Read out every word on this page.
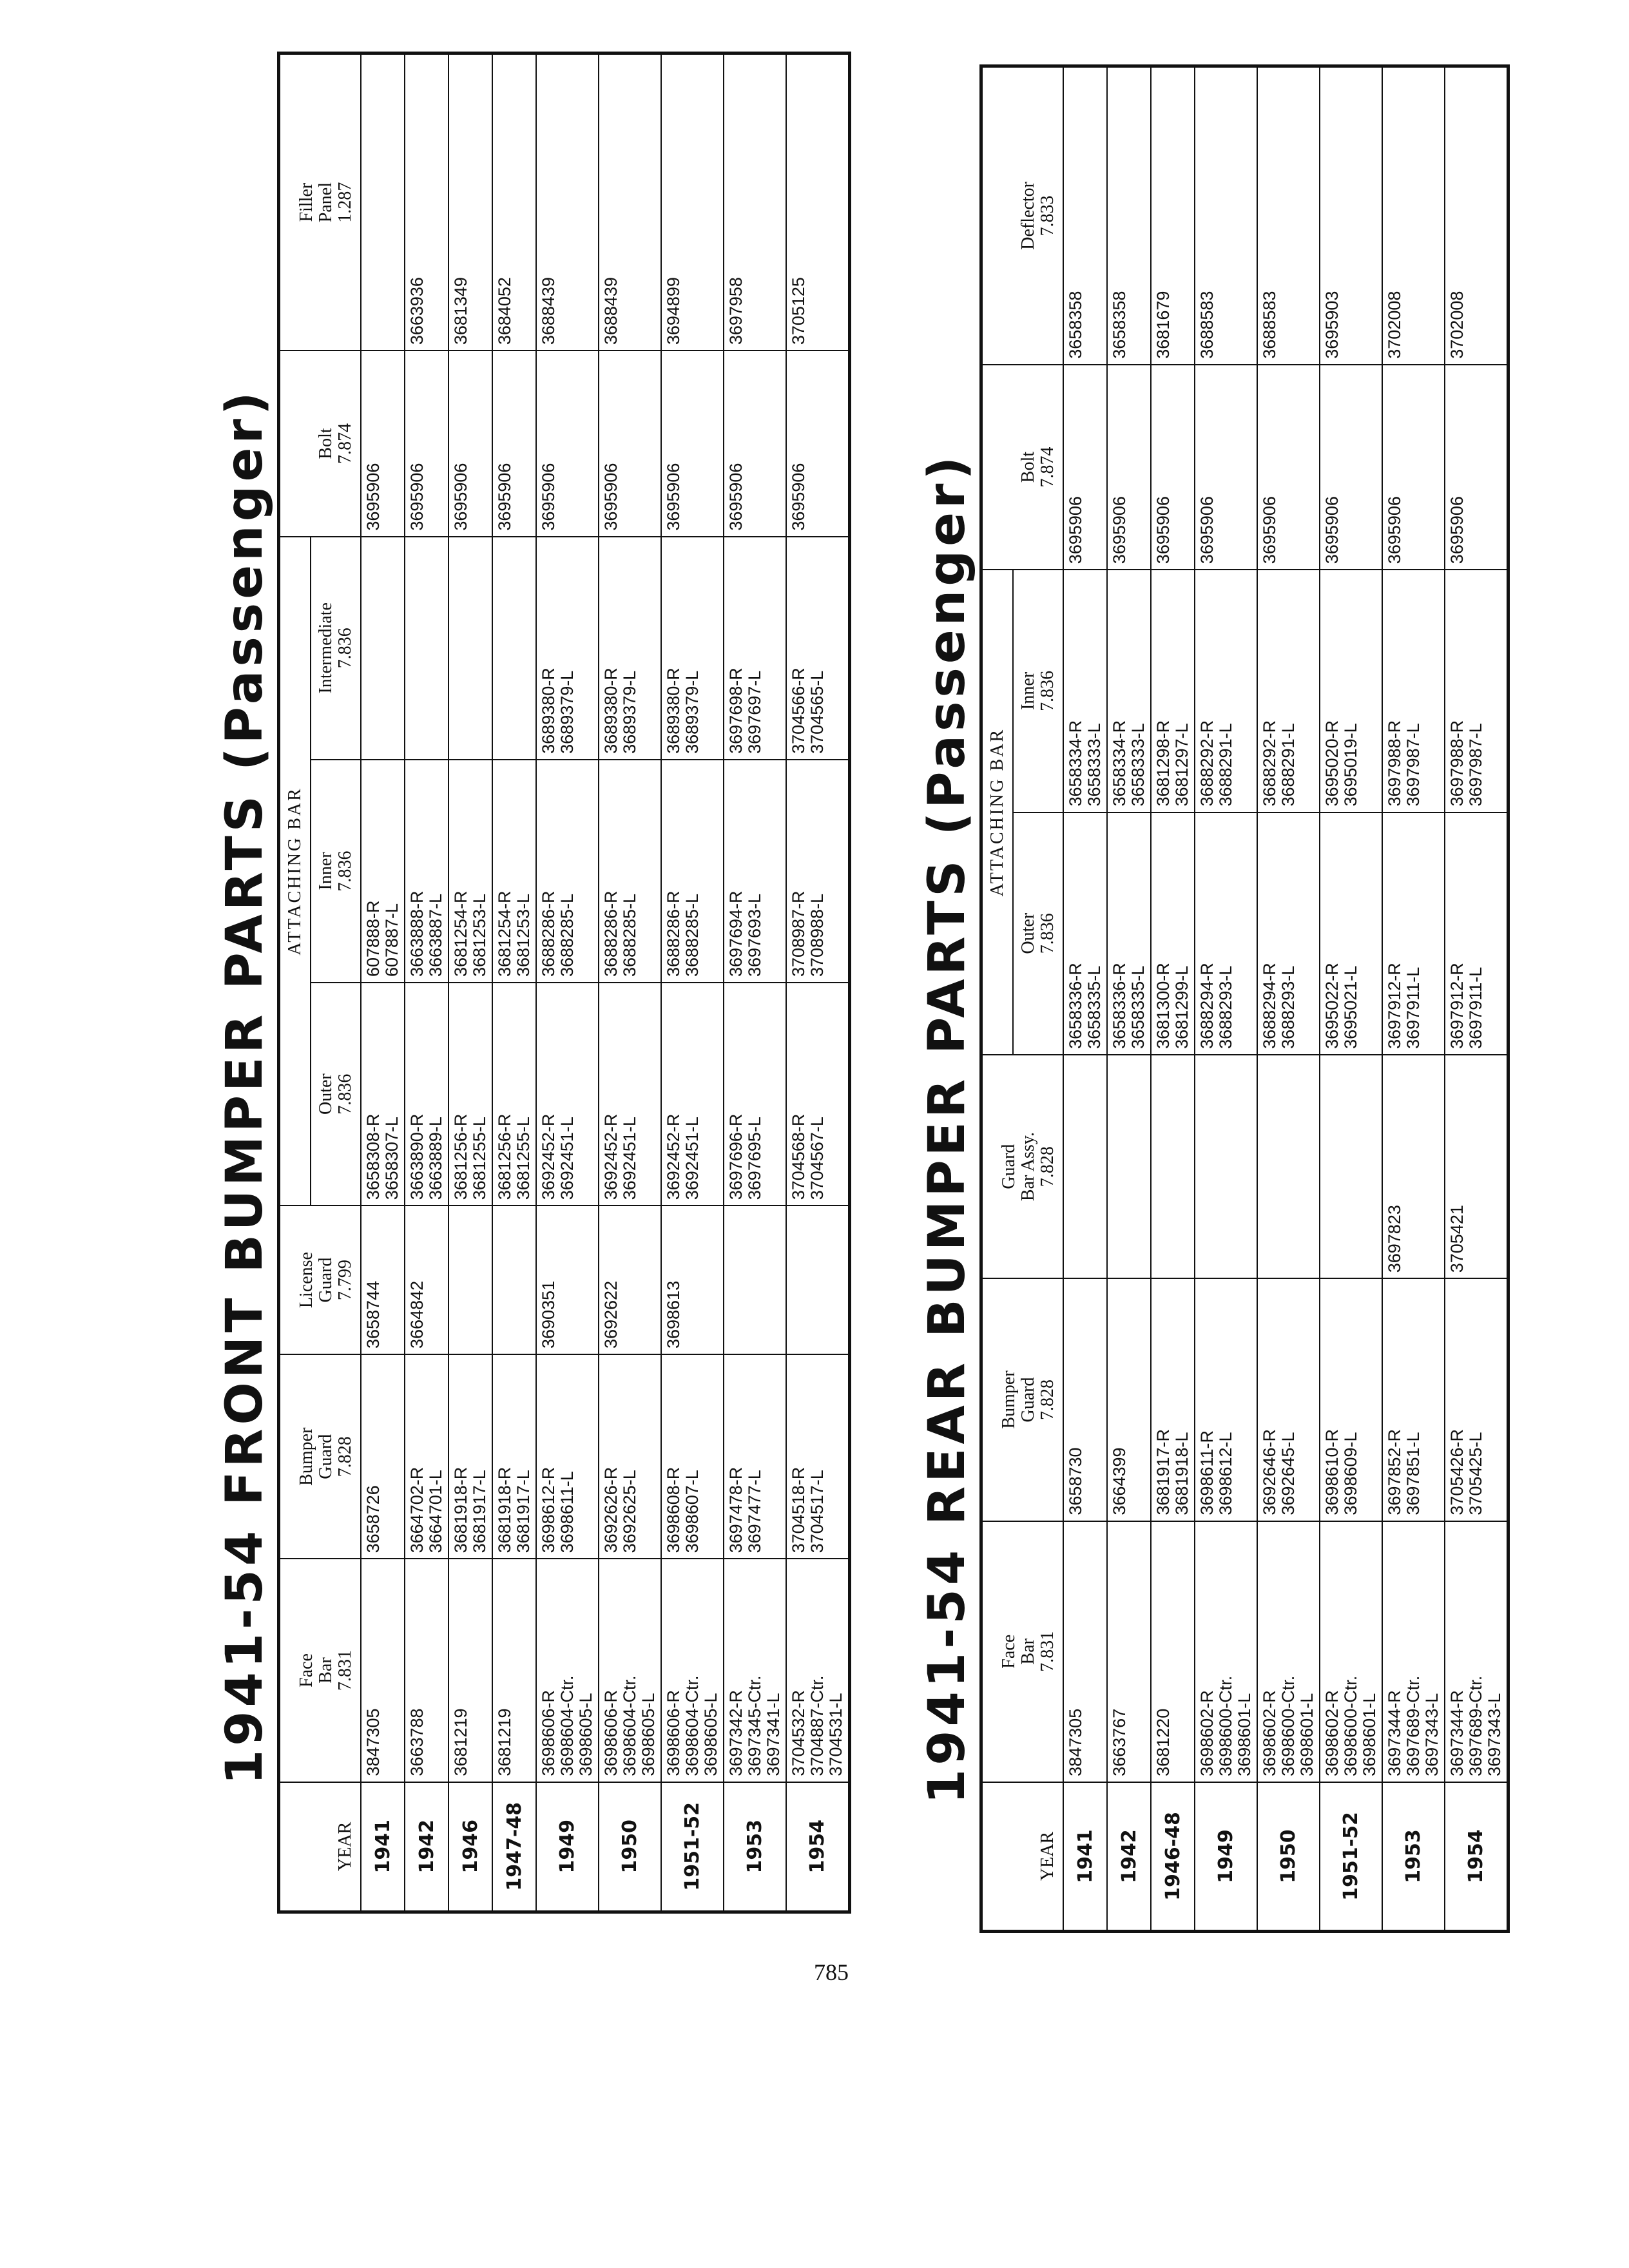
1941-54 FRONT BUMPER PARTS (Passenger)
YEAR	Face Bar 7.831	Bumper Guard 7.828	License Guard 7.799	ATTACHING BAR			Bolt 7.874	Filler Panel 1.287

				Outer 7.836	Inner 7.836	Intermediate 7.836		

1941	3847305	3658726	3658744	3658308-R 3658307-L	607888-R 607887-L		3695906	

1942	3663788	3664702-R 3664701-L	3664842	3663890-R 3663889-L	3663888-R 3663887-L		3695906	3663936

1946	3681219	3681918-R 3681917-L		3681256-R 3681255-L	3681254-R 3681253-L		3695906	3681349

1947-48	3681219	3681918-R 3681917-L		3681256-R 3681255-L	3681254-R 3681253-L		3695906	3684052

1949	3698606-R 3698604-Ctr. 3698605-L	3698612-R 3698611-L	3690351	3692452-R 3692451-L	3688286-R 3688285-L	3689380-R 3689379-L	3695906	3688439

1950	3698606-R 3698604-Ctr. 3698605-L	3692626-R 3692625-L	3692622	3692452-R 3692451-L	3688286-R 3688285-L	3689380-R 3689379-L	3695906	3688439

1951-52	3698606-R 3698604-Ctr. 3698605-L	3698608-R 3698607-L	3698613	3692452-R 3692451-L	3688286-R 3688285-L	3689380-R 3689379-L	3695906	3694899

1953	3697342-R 3697345-Ctr. 3697341-L	3697478-R 3697477-L		3697696-R 3697695-L	3697694-R 3697693-L	3697698-R 3697697-L	3695906	3697958

1954	3704532-R 3704887-Ctr. 3704531-L	3704518-R 3704517-L		3704568-R 3704567-L	3708987-R 3708988-L	3704566-R 3704565-L	3695906	3705125
1941-54 REAR BUMPER PARTS (Passenger)
YEAR	Face Bar 7.831	Bumper Guard 7.828	Guard Bar Assy. 7.828	ATTACHING BAR		Bolt 7.874	Deflector 7.833

				Outer 7.836	Inner 7.836		

1941	3847305	3658730		3658336-R 3658335-L	3658334-R 3658333-L	3695906	3658358

1942	3663767	3664399		3658336-R 3658335-L	3658334-R 3658333-L	3695906	3658358

1946-48	3681220	3681917-R 3681918-L		3681300-R 3681299-L	3681298-R 3681297-L	3695906	3681679

1949	3698602-R 3698600-Ctr. 3698601-L	3698611-R 3698612-L		3688294-R 3688293-L	3688292-R 3688291-L	3695906	3688583

1950	3698602-R 3698600-Ctr. 3698601-L	3692646-R 3692645-L		3688294-R 3688293-L	3688292-R 3688291-L	3695906	3688583

1951-52	3698602-R 3698600-Ctr. 3698601-L	3698610-R 3698609-L		3695022-R 3695021-L	3695020-R 3695019-L	3695906	3695903

1953	3697344-R 3697689-Ctr. 3697343-L	3697852-R 3697851-L	3697823	3697912-R 3697911-L	3697988-R 3697987-L	3695906	3702008

1954	3697344-R 3697689-Ctr. 3697343-L	3705426-R 3705425-L	3705421	3697912-R 3697911-L	3697988-R 3697987-L	3695906	3702008
785
